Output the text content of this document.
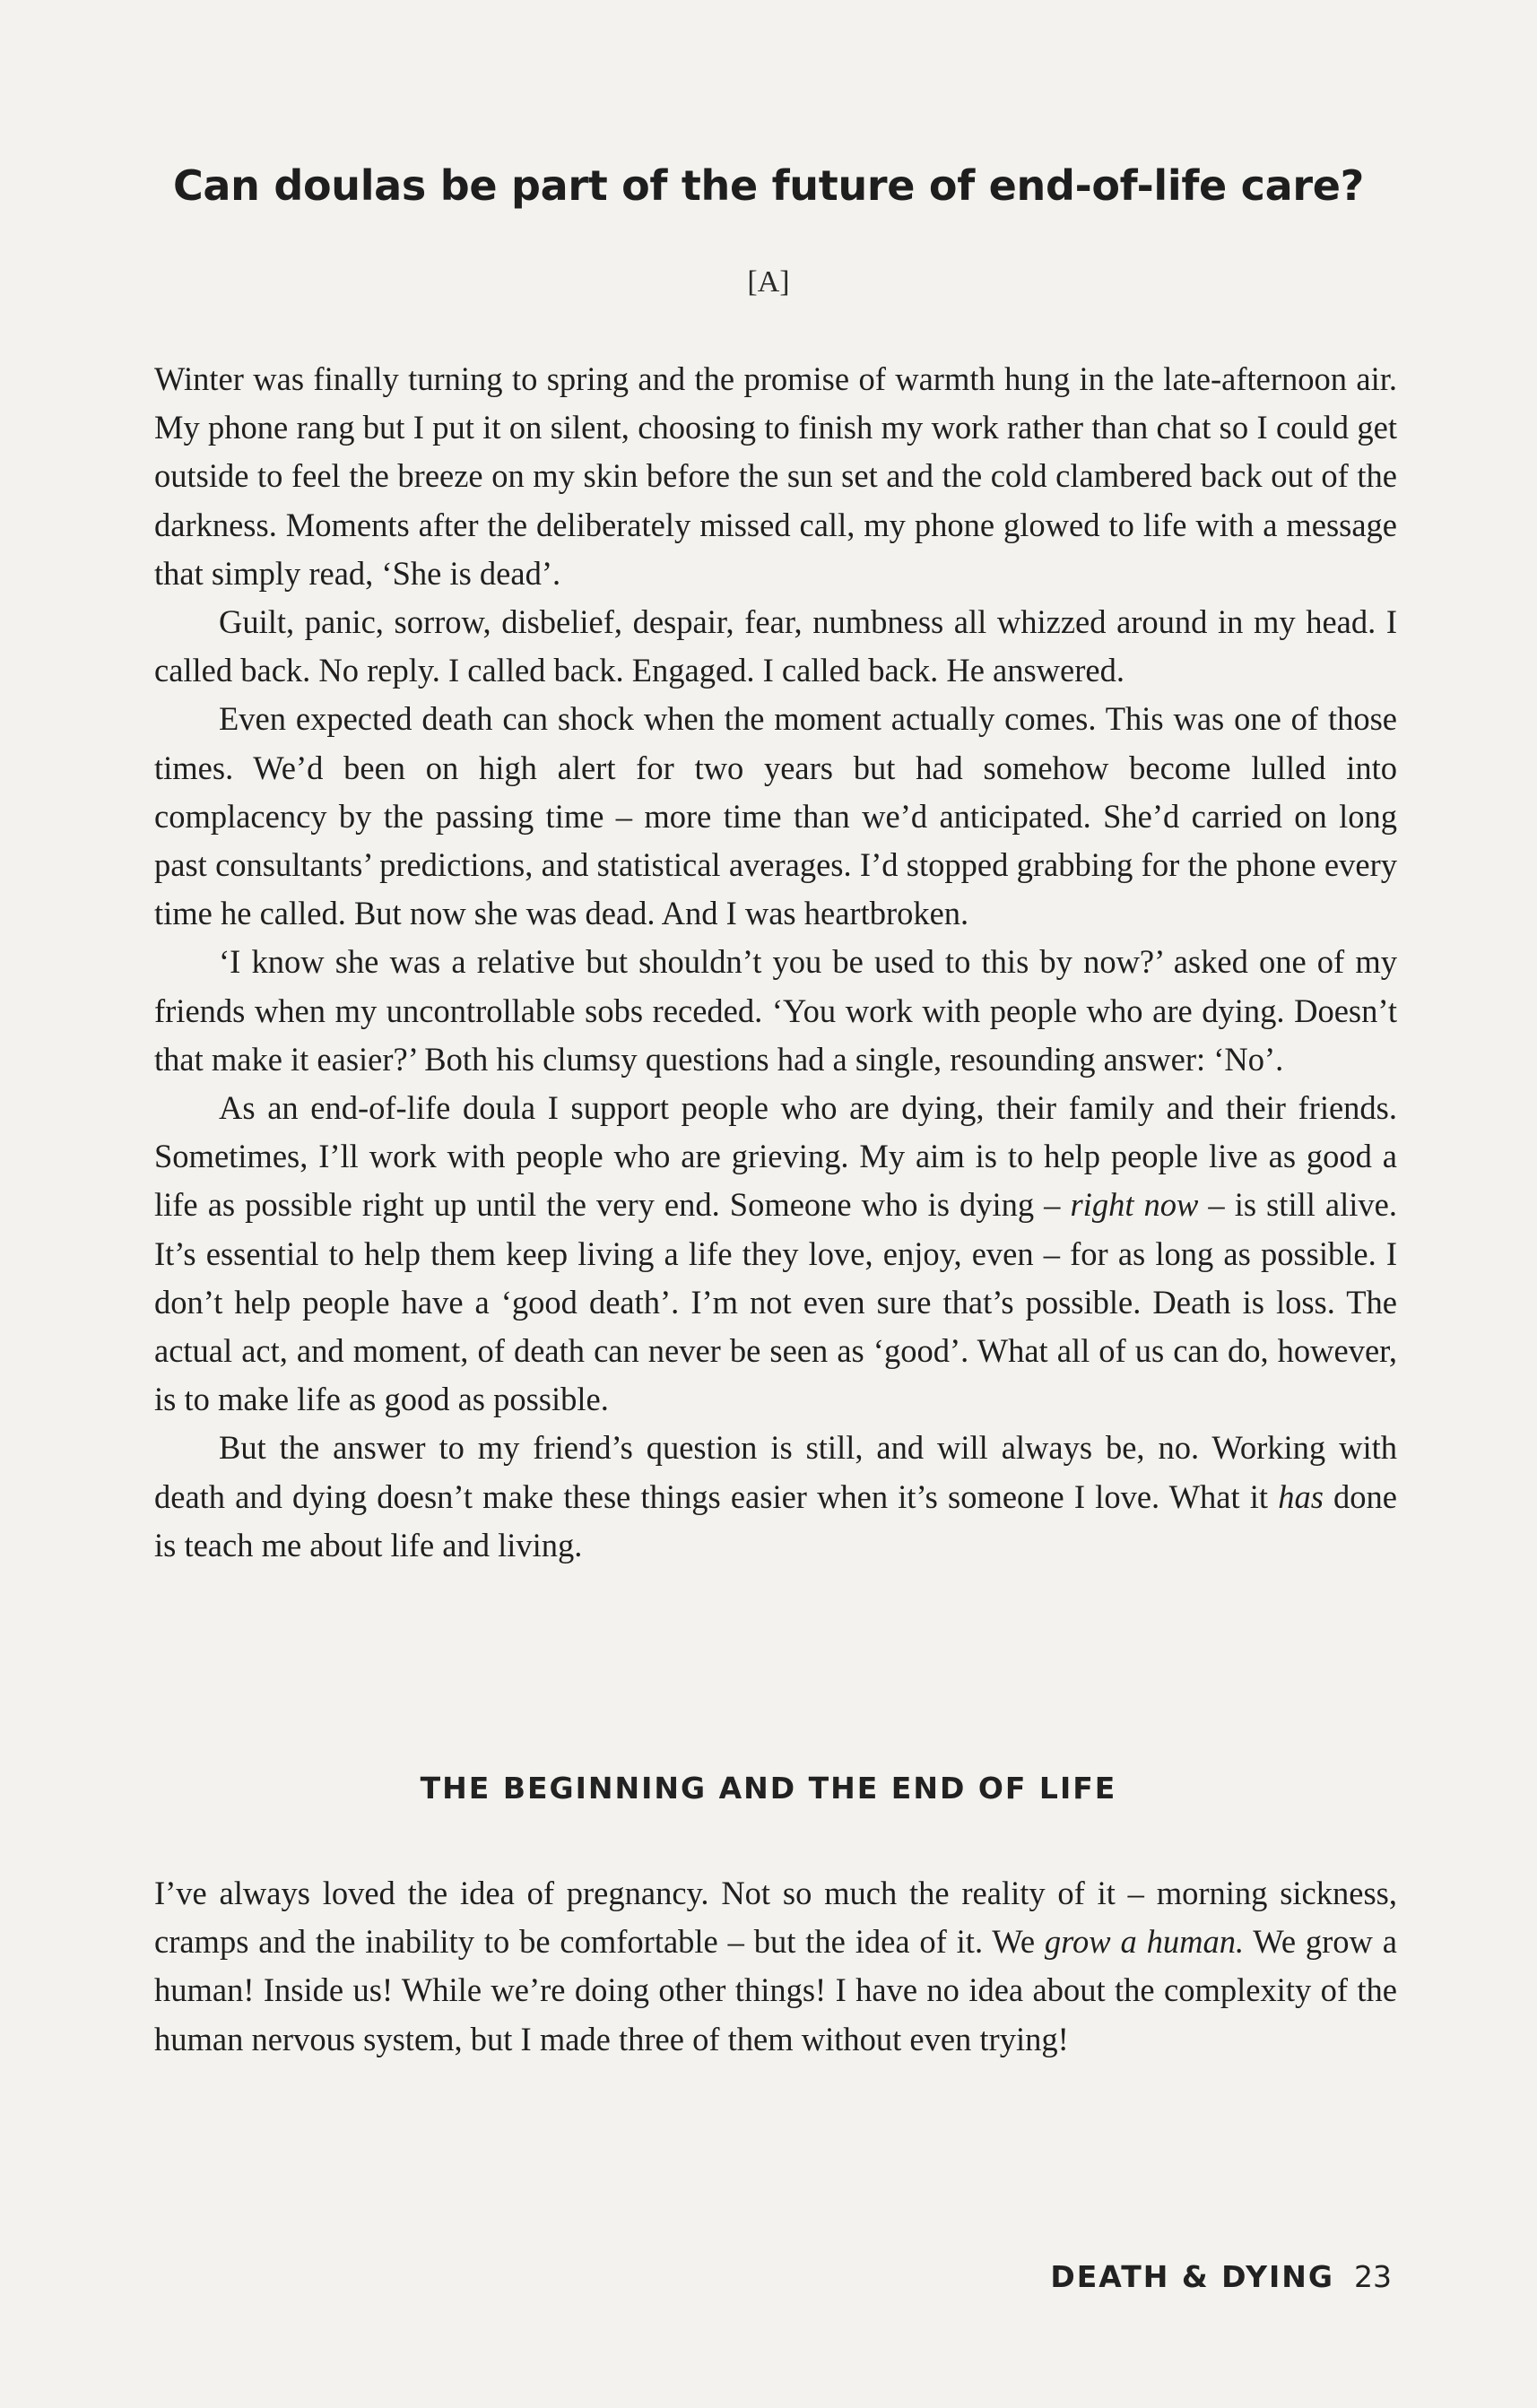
Can doulas be part of the future of end-of-life care?
[A]

Winter was finally turning to spring and the promise of warmth hung in the late-afternoon air. My phone rang but I put it on silent, choosing to finish my work rather than chat so I could get outside to feel the breeze on my skin before the sun set and the cold clambered back out of the darkness. Moments after the deliberately missed call, my phone glowed to life with a message that simply read, ‘She is dead’.

Guilt, panic, sorrow, disbelief, despair, fear, numbness all whizzed around in my head. I called back. No reply. I called back. Engaged. I called back. He answered.

Even expected death can shock when the moment actually comes. This was one of those times. We’d been on high alert for two years but had somehow become lulled into complacency by the passing time – more time than we’d anticipated. She’d carried on long past consultants’ predictions, and statistical averages. I’d stopped grabbing for the phone every time he called. But now she was dead. And I was heartbroken.

‘I know she was a relative but shouldn’t you be used to this by now?’ asked one of my friends when my uncontrollable sobs receded. ‘You work with people who are dying. Doesn’t that make it easier?’ Both his clumsy questions had a single, resounding answer: ‘No’.

As an end-of-life doula I support people who are dying, their family and their friends. Sometimes, I’ll work with people who are grieving. My aim is to help people live as good a life as possible right up until the very end. Someone who is dying – right now – is still alive. It’s essential to help them keep living a life they love, enjoy, even – for as long as possible. I don’t help people have a ‘good death’. I’m not even sure that’s possible. Death is loss. The actual act, and moment, of death can never be seen as ‘good’. What all of us can do, however, is to make life as good as possible.

But the answer to my friend’s question is still, and will always be, no. Working with death and dying doesn’t make these things easier when it’s someone I love. What it has done is teach me about life and living.

THE BEGINNING AND THE END OF LIFE

I’ve always loved the idea of pregnancy. Not so much the reality of it – morning sickness, cramps and the inability to be comfortable – but the idea of it. We grow a human. We grow a human! Inside us! While we’re doing other things! I have no idea about the complexity of the human nervous system, but I made three of them without even trying!

DEATH & DYING 23
